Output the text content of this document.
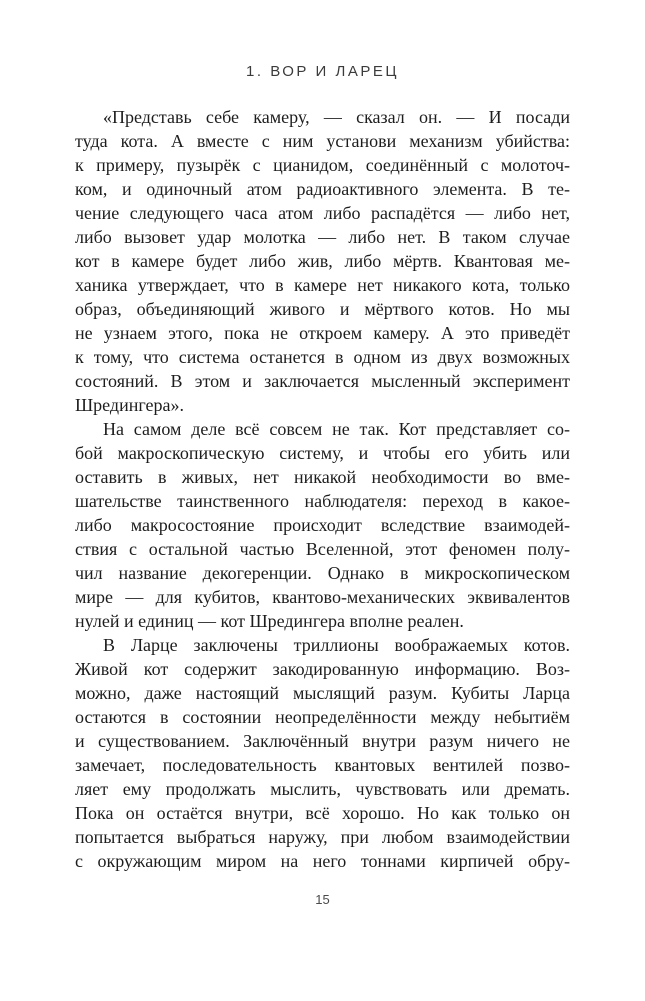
1. ВОР И ЛАРЕЦ
«Представь себе камеру, — сказал он. — И посади
туда кота. А вместе с ним установи механизм убийства:
к примеру, пузырёк с цианидом, соединённый с молоточ-
ком, и одиночный атом радиоактивного элемента. В те-
чение следующего часа атом либо распадётся — либо нет,
либо вызовет удар молотка — либо нет. В таком случае
кот в камере будет либо жив, либо мёртв. Квантовая ме-
ханика утверждает, что в камере нет никакого кота, только
образ, объединяющий живого и мёртвого котов. Но мы
не узнаем этого, пока не откроем камеру. А это приведёт
к тому, что система останется в одном из двух возможных
состояний. В этом и заключается мысленный эксперимент
Шредингера».
На самом деле всё совсем не так. Кот представляет со-
бой макроскопическую систему, и чтобы его убить или
оставить в живых, нет никакой необходимости во вме-
шательстве таинственного наблюдателя: переход в какое-
либо макросостояние происходит вследствие взаимодей-
ствия с остальной частью Вселенной, этот феномен полу-
чил название декогеренции. Однако в микроскопическом
мире — для кубитов, квантово-механических эквивалентов
нулей и единиц — кот Шредингера вполне реален.
В Ларце заключены триллионы воображаемых котов.
Живой кот содержит закодированную информацию. Воз-
можно, даже настоящий мыслящий разум. Кубиты Ларца
остаются в состоянии неопределённости между небытиём
и существованием. Заключённый внутри разум ничего не
замечает, последовательность квантовых вентилей позво-
ляет ему продолжать мыслить, чувствовать или дремать.
Пока он остаётся внутри, всё хорошо. Но как только он
попытается выбраться наружу, при любом взаимодействии
с окружающим миром на него тоннами кирпичей обру-
15
